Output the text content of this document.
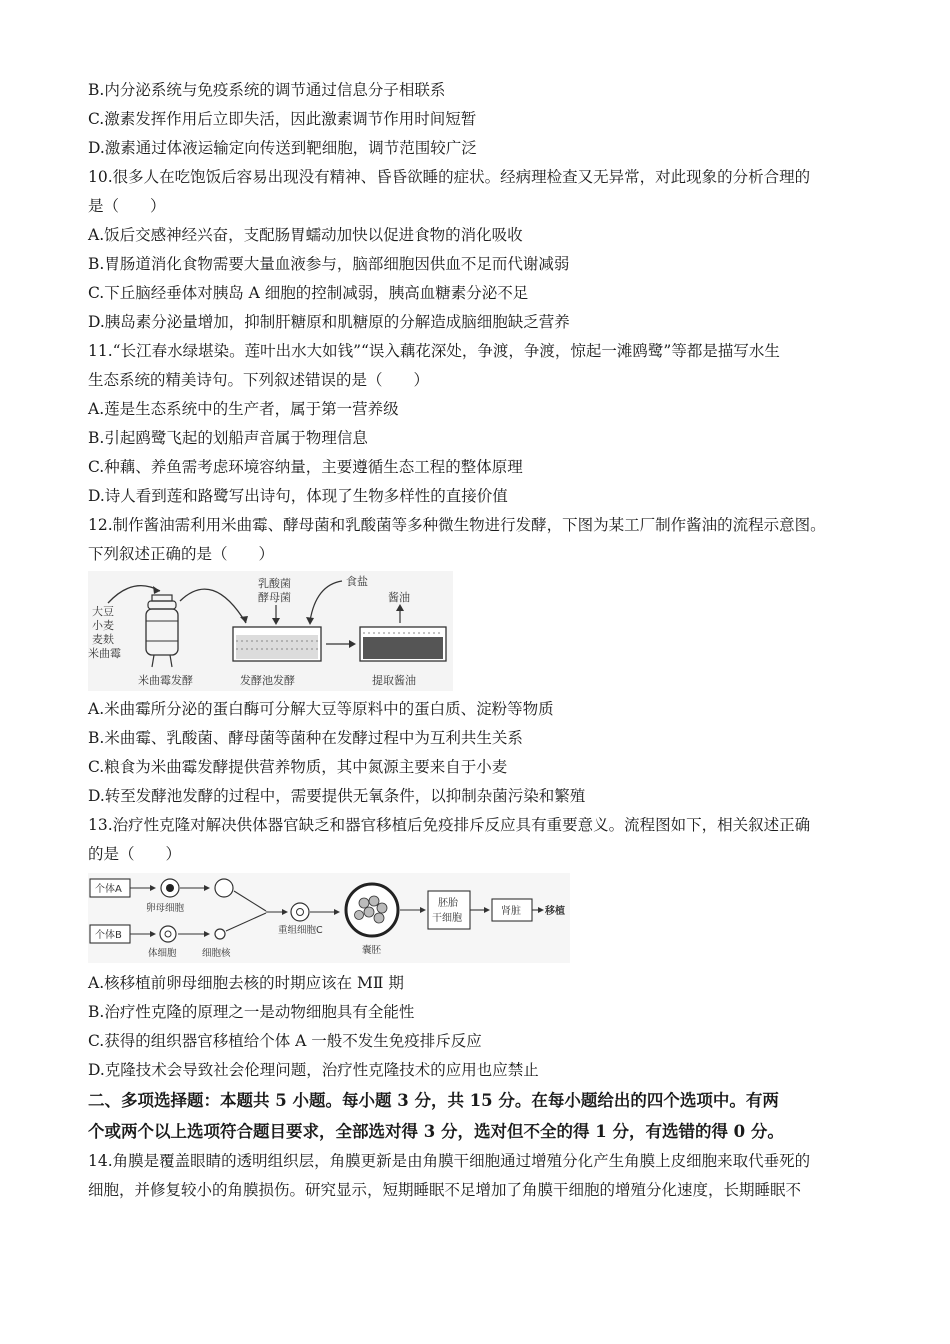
B.内分泌系统与免疫系统的调节通过信息分子相联系
C.激素发挥作用后立即失活，因此激素调节作用时间短暂
D.激素通过体液运输定向传送到靶细胞，调节范围较广泛
10.很多人在吃饱饭后容易出现没有精神、昏昏欲睡的症状。经病理检查又无异常，对此现象的分析合理的
是（　　）
A.饭后交感神经兴奋，支配肠胃蠕动加快以促进食物的消化吸收
B.胃肠道消化食物需要大量血液参与，脑部细胞因供血不足而代谢减弱
C.下丘脑经垂体对胰岛 A 细胞的控制减弱，胰高血糖素分泌不足
D.胰岛素分泌量增加，抑制肝糖原和肌糖原的分解造成脑细胞缺乏营养
11.“长江春水绿堪染。莲叶出水大如钱”“误入藕花深处，争渡，争渡，惊起一滩鸥鹭”等都是描写水生
生态系统的精美诗句。下列叙述错误的是（　　）
A.莲是生态系统中的生产者，属于第一营养级
B.引起鸥鹭飞起的划船声音属于物理信息
C.种藕、养鱼需考虑环境容纳量，主要遵循生态工程的整体原理
D.诗人看到莲和路鹭写出诗句，体现了生物多样性的直接价值
12.制作酱油需利用米曲霉、酵母菌和乳酸菌等多种微生物进行发酵，下图为某工厂制作酱油的流程示意图。
下列叙述正确的是（　　）
大豆
小麦
麦麸
米曲霉
米曲霉发酵
乳酸菌
酵母菌
食盐
发酵池发酵
酱油
提取酱油
A.米曲霉所分泌的蛋白酶可分解大豆等原料中的蛋白质、淀粉等物质
B.米曲霉、乳酸菌、酵母菌等菌种在发酵过程中为互利共生关系
C.粮食为米曲霉发酵提供营养物质，其中氮源主要来自于小麦
D.转至发酵池发酵的过程中，需要提供无氧条件，以抑制杂菌污染和繁殖
13.治疗性克隆对解决供体器官缺乏和器官移植后免疫排斥反应具有重要意义。流程图如下，相关叙述正确
的是（　　）
个体A
卵母细胞
个体B
体细胞	细胞核
重组细胞C
囊胚
胚胎
干细胞
肾脏 移植
A.核移植前卵母细胞去核的时期应该在 MⅡ 期
B.治疗性克隆的原理之一是动物细胞具有全能性
C.获得的组织器官移植给个体 A 一般不发生免疫排斥反应
D.克隆技术会导致社会伦理问题，治疗性克隆技术的应用也应禁止
二、多项选择题：本题共 5 小题。每小题 3 分，共 15 分。在每小题给出的四个选项中。有两
个或两个以上选项符合题目要求，全部选对得 3 分，选对但不全的得 1 分，有选错的得 0 分。
14.角膜是覆盖眼睛的透明组织层，角膜更新是由角膜干细胞通过增殖分化产生角膜上皮细胞来取代垂死的
细胞，并修复较小的角膜损伤。研究显示，短期睡眠不足增加了角膜干细胞的增殖分化速度，长期睡眠不
